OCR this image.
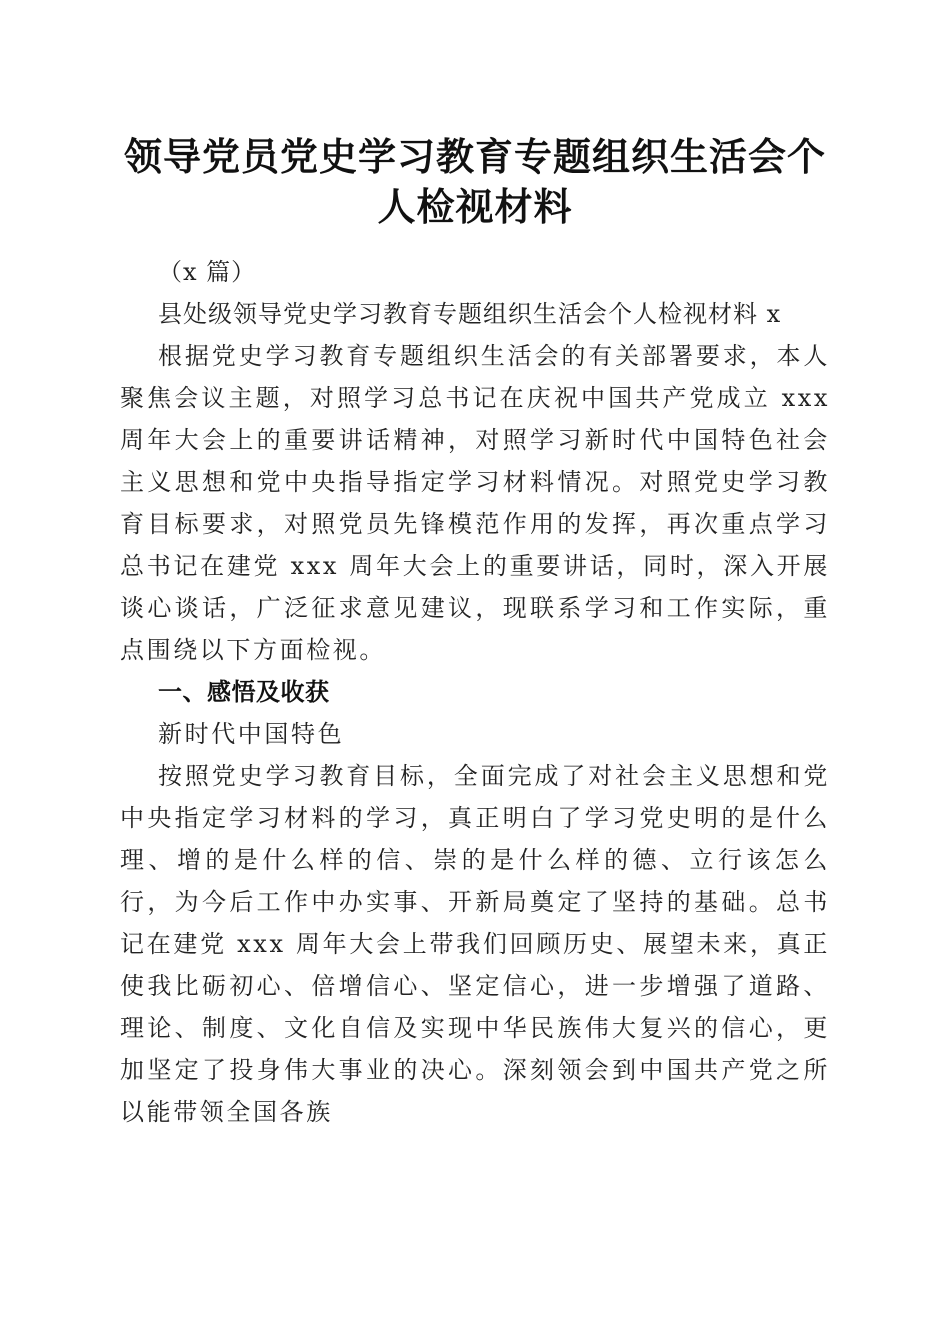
领导党员党史学习教育专题组织生活会个人检视材料

（x 篇）

县处级领导党史学习教育专题组织生活会个人检视材料 x

根据党史学习教育专题组织生活会的有关部署要求，本人聚焦会议主题，对照学习总书记在庆祝中国共产党成立 xxx 周年大会上的重要讲话精神，对照学习新时代中国特色社会主义思想和党中央指导指定学习材料情况。对照党史学习教育目标要求，对照党员先锋模范作用的发挥，再次重点学习总书记在建党 xxx 周年大会上的重要讲话，同时，深入开展谈心谈话，广泛征求意见建议，现联系学习和工作实际，重点围绕以下方面检视。

一、感悟及收获

新时代中国特色

按照党史学习教育目标，全面完成了对社会主义思想和党中央指定学习材料的学习，真正明白了学习党史明的是什么理、增的是什么样的信、崇的是什么样的德、立行该怎么行，为今后工作中办实事、开新局奠定了坚持的基础。总书记在建党 xxx 周年大会上带我们回顾历史、展望未来，真正使我比砺初心、倍增信心、坚定信心，进一步增强了道路、理论、制度、文化自信及实现中华民族伟大复兴的信心，更加坚定了投身伟大事业的决心。深刻领会到中国共产党之所以能带领全国各族
